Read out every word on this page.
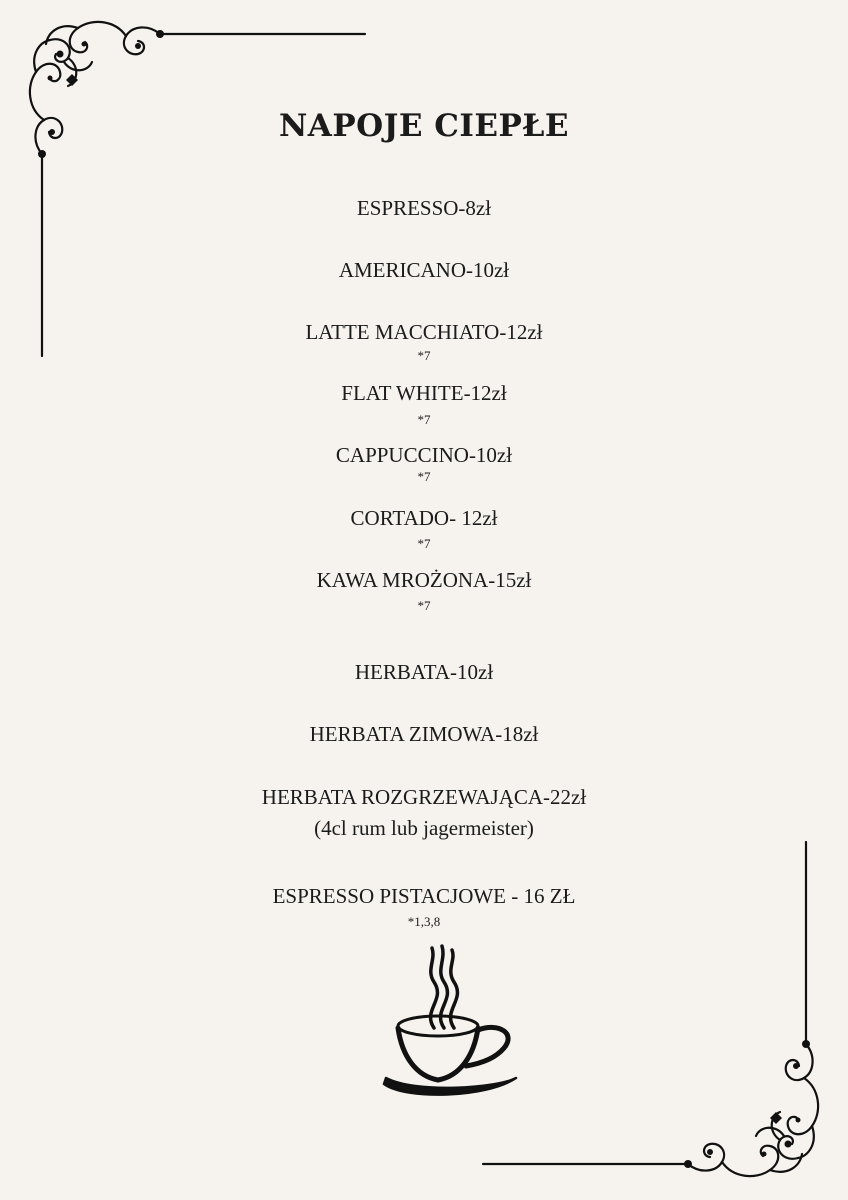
NAPOJE CIEPŁE
ESPRESSO-8zł
AMERICANO-10zł
LATTE MACCHIATO-12zł
*7
FLAT WHITE-12zł
*7
CAPPUCCINO-10zł
*7
CORTADO- 12zł
*7
KAWA MROŻONA-15zł
*7
HERBATA-10zł
HERBATA ZIMOWA-18zł
HERBATA ROZGRZEWAJĄCA-22zł
(4cl rum lub jagermeister)
ESPRESSO PISTACJOWE - 16 ZŁ
*1,3,8
